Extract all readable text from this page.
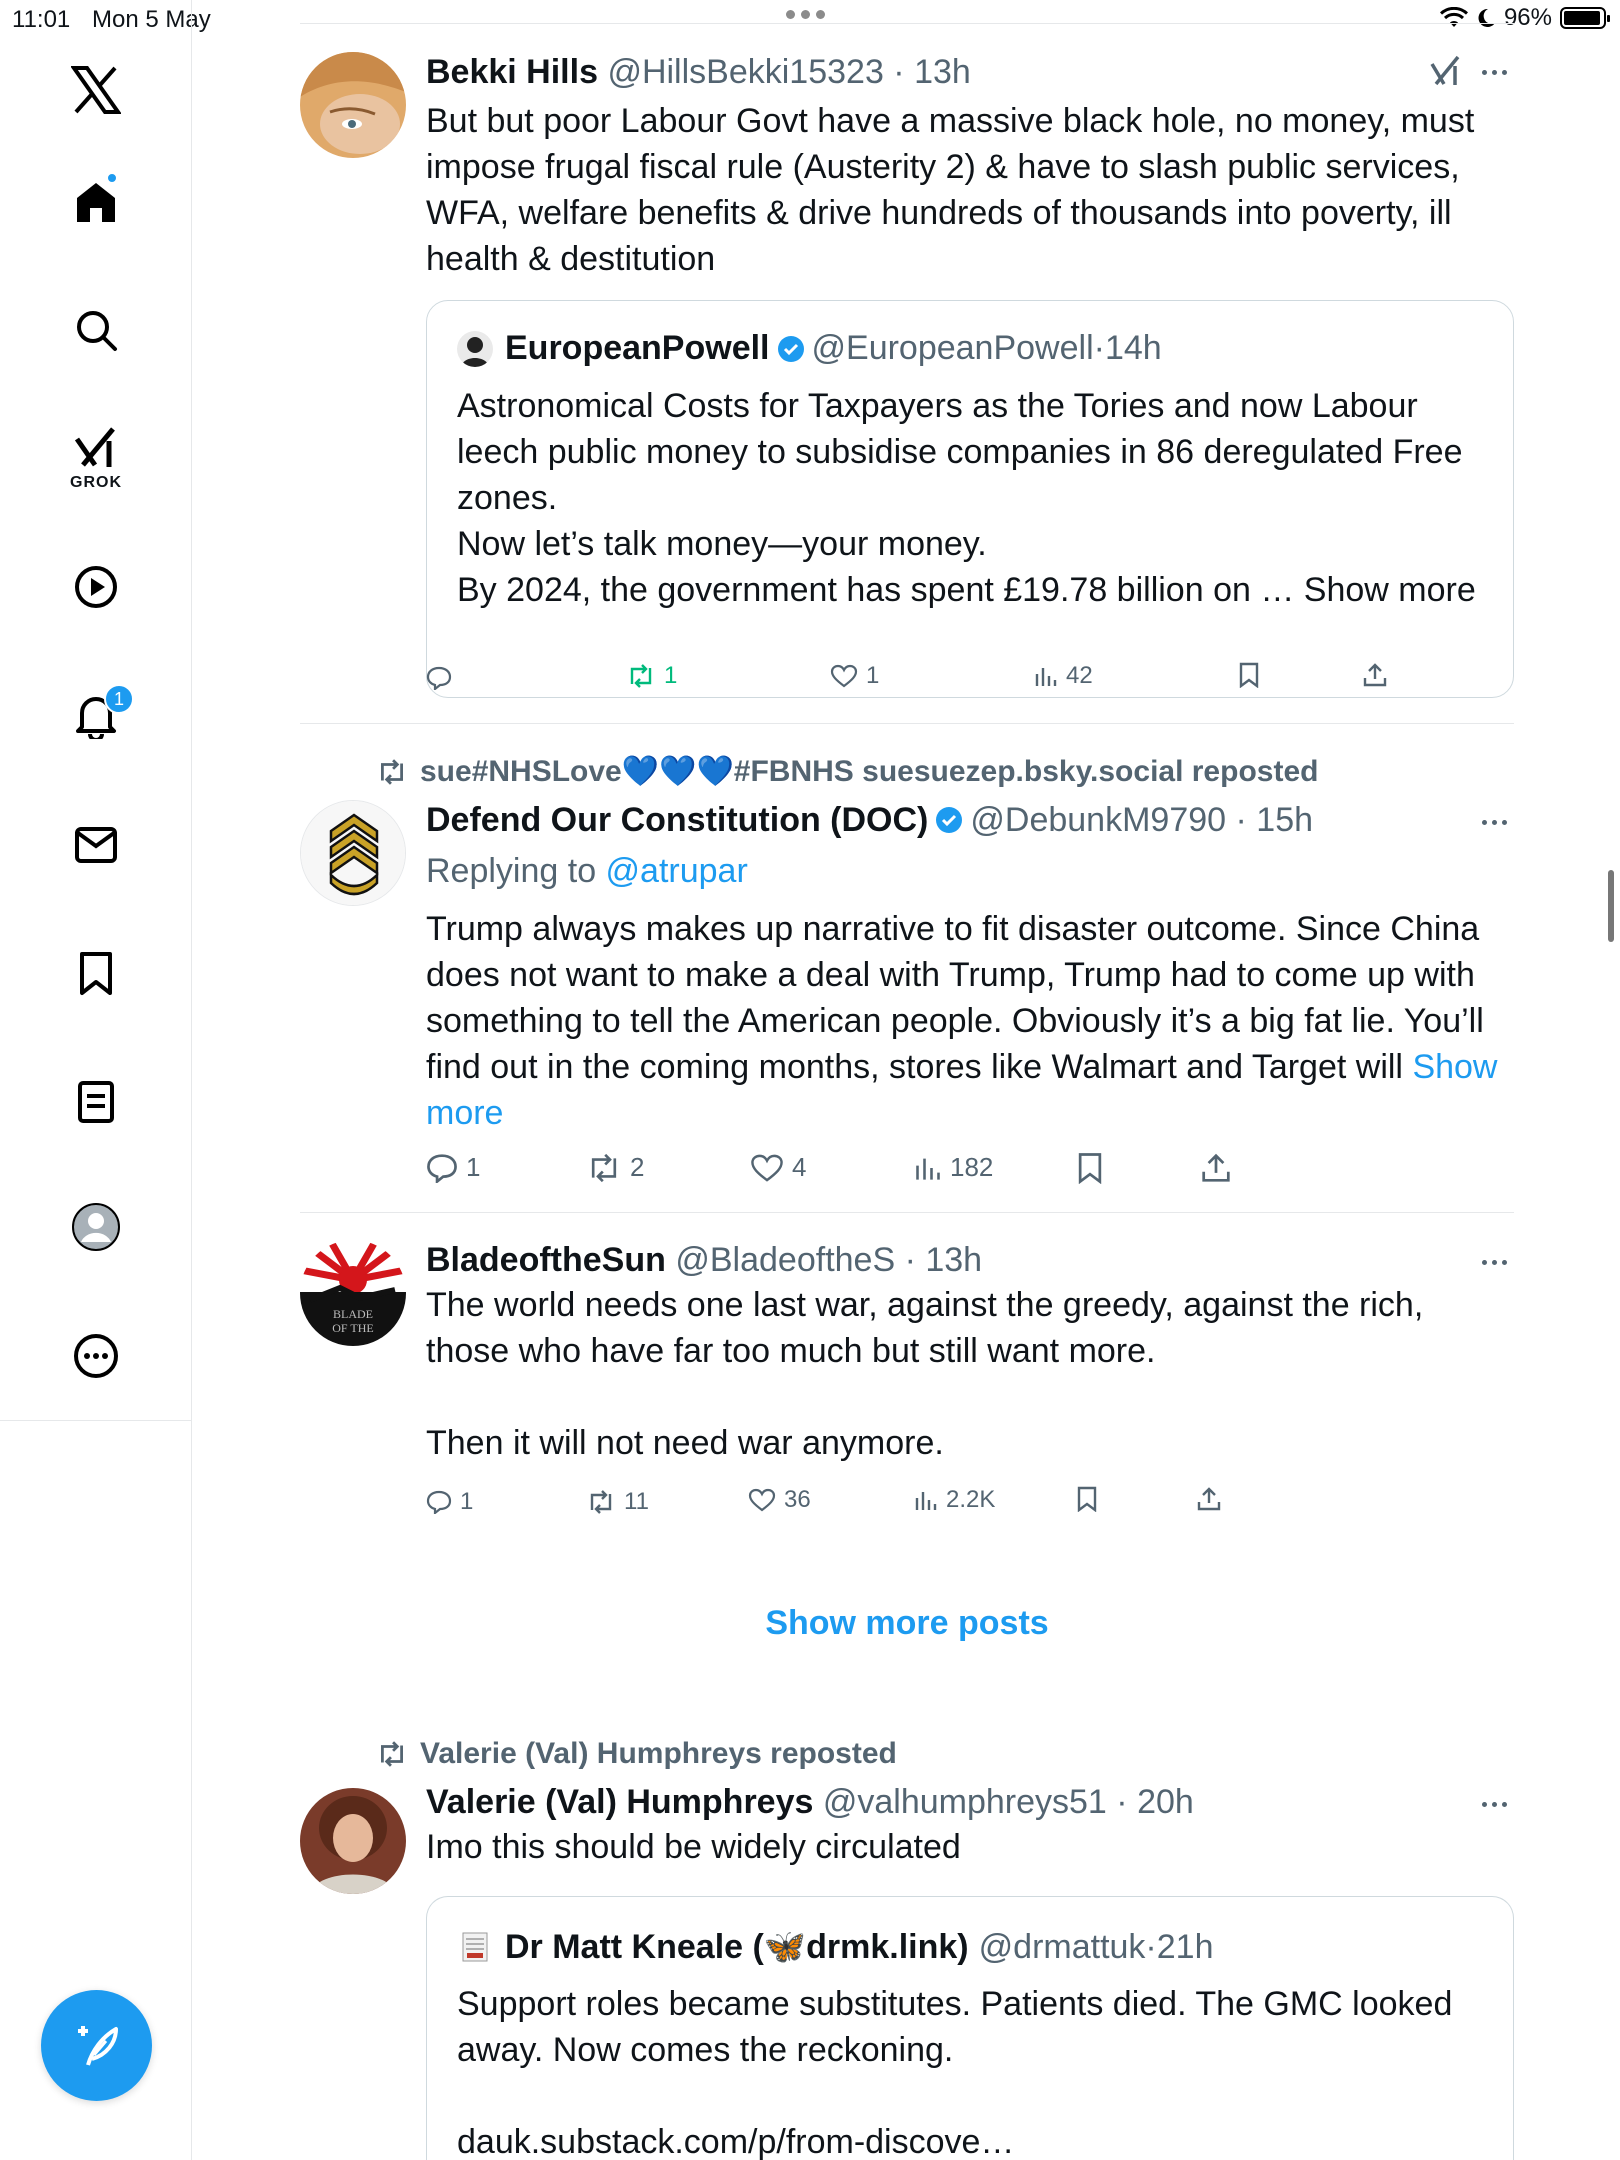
11:01 Mon 5 May	96%
GROK
1
Bekki Hills @HillsBekki15323 · 13h
But but poor Labour Govt have a massive black hole, no money, must impose frugal fiscal rule (Austerity 2) & have to slash public services, WFA, welfare benefits & drive hundreds of thousands into poverty, ill health & destitution
EuropeanPowell @EuropeanPowell · 14h
Astronomical Costs for Taxpayers as the Tories and now Labour leech public money to subsidise companies in 86 deregulated Free zones.
Now let’s talk money—your money.
By 2024, the government has spent £19.78 billion on … Show more
1	1	42
sue#NHSLove💙💙💙#FBNHS suesuezep.bsky.social reposted
Defend Our Constitution (DOC) @DebunkM9790 · 15h
Replying to @atrupar
Trump always makes up narrative to fit disaster outcome. Since China does not want to make a deal with Trump, Trump had to come up with something to tell the American people. Obviously it’s a big fat lie. You’ll find out in the coming months, stores like Walmart and Target will Show more
1	2	4	182
BLADE
OF THE
BladeoftheSun @BladeoftheS · 13h
The world needs one last war, against the greedy, against the rich, those who have far too much but still want more.

Then it will not need war anymore.
1	11	36	2.2K
Show more posts
Valerie (Val) Humphreys reposted
Valerie (Val) Humphreys @valhumphreys51 · 20h
Imo this should be widely circulated
Dr Matt Kneale (🦋drmk.link) @drmattuk · 21h
Support roles became substitutes. Patients died. The GMC looked away. Now comes the reckoning.

dauk.substack.com/p/from-discove…
